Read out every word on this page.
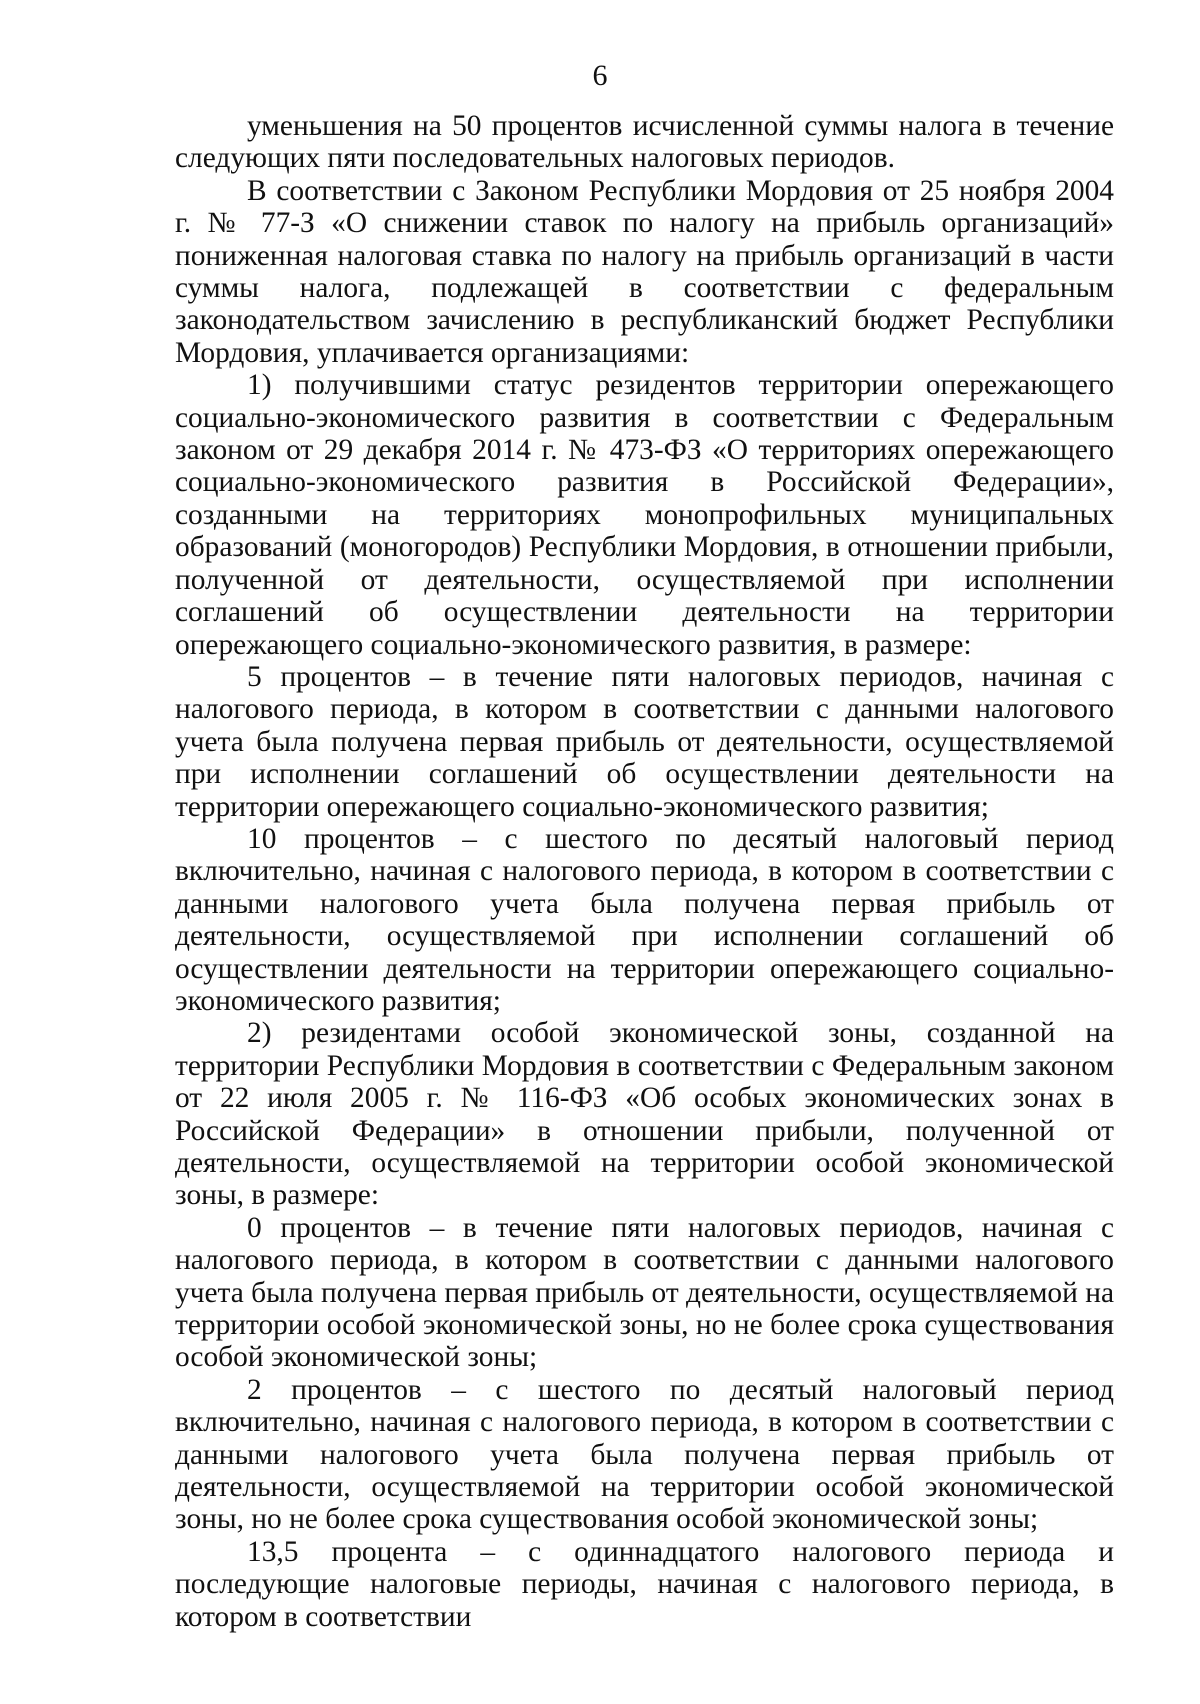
6

уменьшения на 50 процентов исчисленной суммы налога в течение следующих пяти последовательных налоговых периодов.

В соответствии с Законом Республики Мордовия от 25 ноября 2004 г. № 77-З «О снижении ставок по налогу на прибыль организаций» пониженная налоговая ставка по налогу на прибыль организаций в части суммы налога, подлежащей в соответствии с федеральным законодательством зачислению в республиканский бюджет Республики Мордовия, уплачивается организациями:

1) получившими статус резидентов территории опережающего социально-экономического развития в соответствии с Федеральным законом от 29 декабря 2014 г. № 473-ФЗ «О территориях опережающего социально-экономического развития в Российской Федерации», созданными на территориях монопрофильных муниципальных образований (моногородов) Республики Мордовия, в отношении прибыли, полученной от деятельности, осуществляемой при исполнении соглашений об осуществлении деятельности на территории опережающего социально-экономического развития, в размере:

5 процентов – в течение пяти налоговых периодов, начиная с налогового периода, в котором в соответствии с данными налогового учета была получена первая прибыль от деятельности, осуществляемой при исполнении соглашений об осуществлении деятельности на территории опережающего социально-экономического развития;

10 процентов – с шестого по десятый налоговый период включительно, начиная с налогового периода, в котором в соответствии с данными налогового учета была получена первая прибыль от деятельности, осуществляемой при исполнении соглашений об осуществлении деятельности на территории опережающего социально-экономического развития;

2) резидентами особой экономической зоны, созданной на территории Республики Мордовия в соответствии с Федеральным законом от 22 июля 2005 г. № 116-ФЗ «Об особых экономических зонах в Российской Федерации» в отношении прибыли, полученной от деятельности, осуществляемой на территории особой экономической зоны, в размере:

0 процентов – в течение пяти налоговых периодов, начиная с налогового периода, в котором в соответствии с данными налогового учета была получена первая прибыль от деятельности, осуществляемой на территории особой экономической зоны, но не более срока существования особой экономической зоны;

2 процентов – с шестого по десятый налоговый период включительно, начиная с налогового периода, в котором в соответствии с данными налогового учета была получена первая прибыль от деятельности, осуществляемой на территории особой экономической зоны, но не более срока существования особой экономической зоны;

13,5 процента – с одиннадцатого налогового периода и последующие налоговые периоды, начиная с налогового периода, в котором в соответствии
